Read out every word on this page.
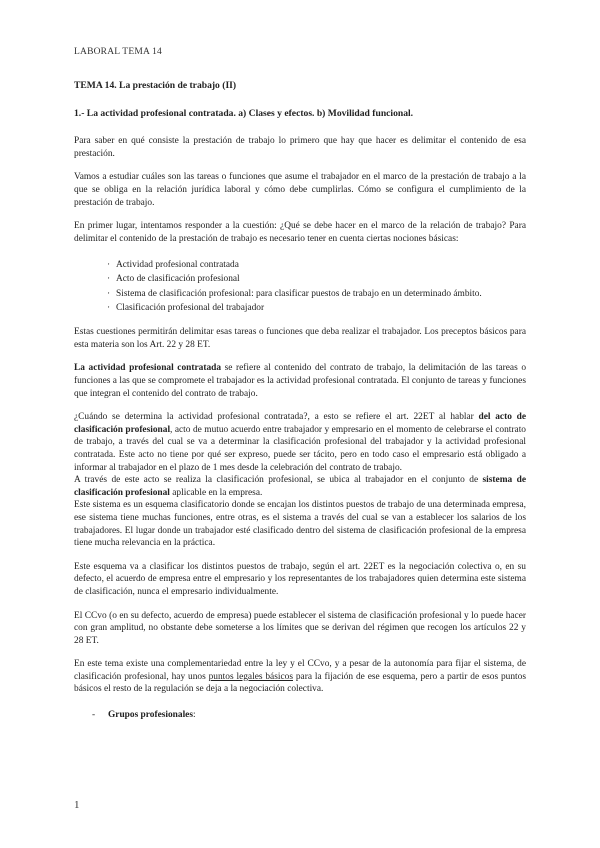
LABORAL TEMA 14
TEMA 14. La prestación de trabajo (II)
1.- La actividad profesional contratada. a) Clases y efectos. b) Movilidad funcional.

Para saber en qué consiste la prestación de trabajo lo primero que hay que hacer es delimitar el contenido de esa prestación.

Vamos a estudiar cuáles son las tareas o funciones que asume el trabajador en el marco de la prestación de trabajo a la que se obliga en la relación jurídica laboral y cómo debe cumplirlas. Cómo se configura el cumplimiento de la prestación de trabajo.

En primer lugar, intentamos responder a la cuestión: ¿Qué se debe hacer en el marco de la relación de trabajo? Para delimitar el contenido de la prestación de trabajo es necesario tener en cuenta ciertas nociones básicas:

· Actividad profesional contratada
· Acto de clasificación profesional
· Sistema de clasificación profesional: para clasificar puestos de trabajo en un determinado ámbito.
· Clasificación profesional del trabajador

Estas cuestiones permitirán delimitar esas tareas o funciones que deba realizar el trabajador. Los preceptos básicos para esta materia son los Art. 22 y 28 ET.

La actividad profesional contratada se refiere al contenido del contrato de trabajo, la delimitación de las tareas o funciones a las que se compromete el trabajador es la actividad profesional contratada. El conjunto de tareas y funciones que integran el contenido del contrato de trabajo.

¿Cuándo se determina la actividad profesional contratada?, a esto se refiere el art. 22ET al hablar del acto de clasificación profesional, acto de mutuo acuerdo entre trabajador y empresario en el momento de celebrarse el contrato de trabajo, a través del cual se va a determinar la clasificación profesional del trabajador y la actividad profesional contratada. Este acto no tiene por qué ser expreso, puede ser tácito, pero en todo caso el empresario está obligado a informar al trabajador en el plazo de 1 mes desde la celebración del contrato de trabajo.

A través de este acto se realiza la clasificación profesional, se ubica al trabajador en el conjunto de sistema de clasificación profesional aplicable en la empresa.

Este sistema es un esquema clasificatorio donde se encajan los distintos puestos de trabajo de una determinada empresa, ese sistema tiene muchas funciones, entre otras, es el sistema a través del cual se van a establecer los salarios de los trabajadores. El lugar donde un trabajador esté clasificado dentro del sistema de clasificación profesional de la empresa tiene mucha relevancia en la práctica.

Este esquema va a clasificar los distintos puestos de trabajo, según el art. 22ET es la negociación colectiva o, en su defecto, el acuerdo de empresa entre el empresario y los representantes de los trabajadores quien determina este sistema de clasificación, nunca el empresario individualmente.

El CCvo (o en su defecto, acuerdo de empresa) puede establecer el sistema de clasificación profesional y lo puede hacer con gran amplitud, no obstante debe someterse a los límites que se derivan del régimen que recogen los artículos 22 y 28 ET.

En este tema existe una complementariedad entre la ley y el CCvo, y a pesar de la autonomía para fijar el sistema, de clasificación profesional, hay unos puntos legales básicos para la fijación de ese esquema, pero a partir de esos puntos básicos el resto de la regulación se deja a la negociación colectiva.

- Grupos profesionales:
1
